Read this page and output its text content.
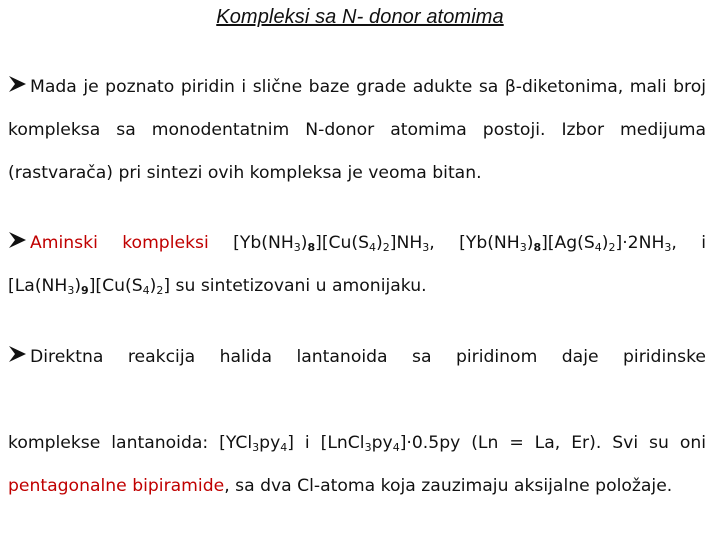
Kompleksi sa N- donor atomima
Mada je poznato piridin i slične baze grade adukte sa β-diketonima, mali broj kompleksa sa monodentatnim N-donor atomima postoji. Izbor medijuma (rastvarača) pri sintezi ovih kompleksa je veoma bitan.
Aminski kompleksi $[Yb(NH_3)_8][Cu(S_4)_2]NH_3$, $[Yb(NH_3)_8][Ag(S_4)_2]\cdot 2NH_3$, i $[La(NH_3)_9][Cu(S_4)_2]$ su sintetizovani u amonijaku.
Direktna reakcija halida lantanoida sa piridinom daje piridinske komplekse lantanoida: $[YCl_3py_4]$ i $[LnCl_3py_4]\cdot 0.5py$ (Ln = La, Er). Svi su oni pentagonalne bipiramide, sa dva Cl-atoma koja zauzimaju aksijalne položaje.
